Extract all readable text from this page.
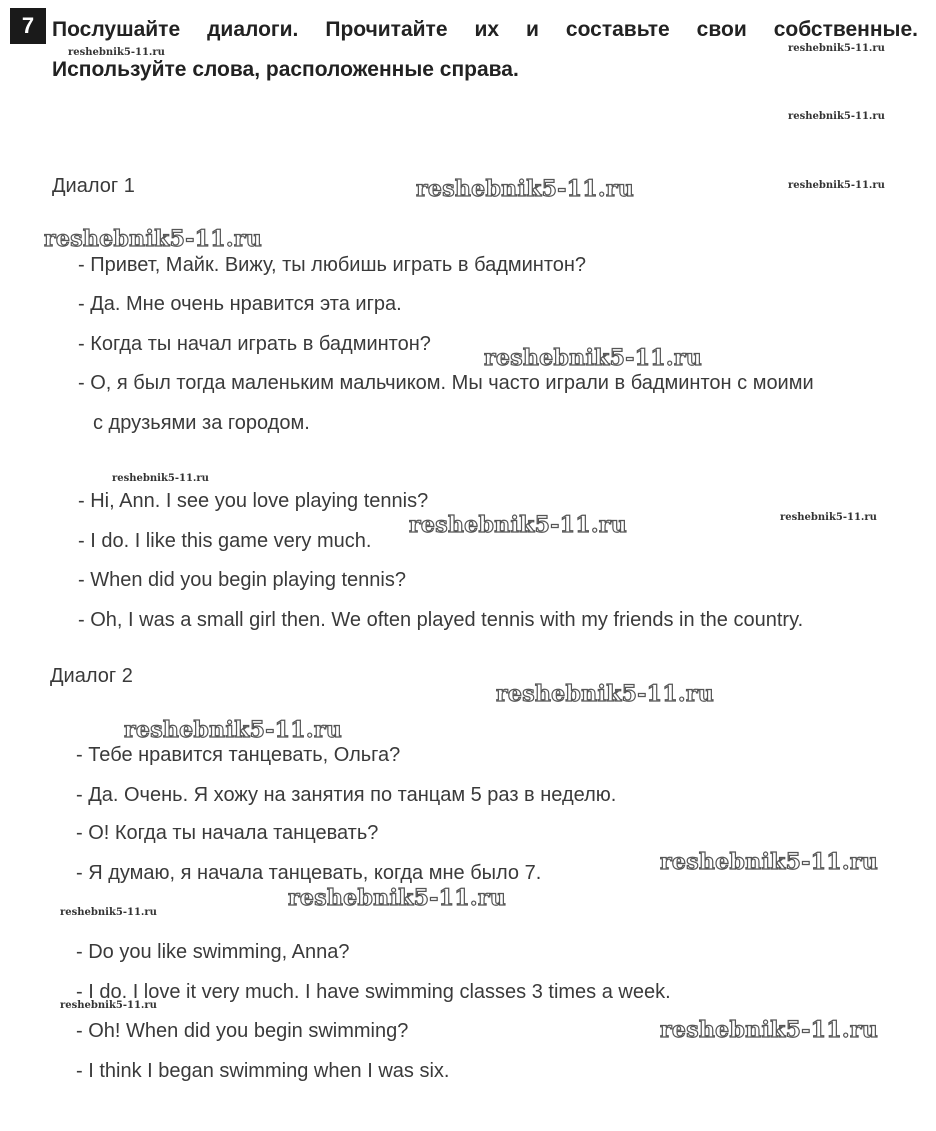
7 Послушайте диалоги. Прочитайте их и составьте свои собственные.
Используйте слова, расположенные справа.
Диалог 1
- Привет, Майк. Вижу, ты любишь играть в бадминтон?
- Да. Мне очень нравится эта игра.
- Когда ты начал играть в бадминтон?
- О, я был тогда маленьким мальчиком. Мы часто играли в бадминтон с моими
с друзьями за городом.
- Hi, Ann. I see you love playing tennis?
- I do. I like this game very much.
- When did you begin playing tennis?
- Oh, I was a small girl then. We often played tennis with my friends in the country.
Диалог 2
- Тебе нравится танцевать, Ольга?
- Да. Очень. Я хожу на занятия по танцам 5 раз в неделю.
- О! Когда ты начала танцевать?
- Я думаю, я начала танцевать, когда мне было 7.
- Do you like swimming, Anna?
- I do. I love it very much. I have swimming classes 3 times a week.
- Oh! When did you begin swimming?
- I think I began swimming when I was six.
reshebnik5-11.ru	reshebnik5-11.ru
reshebnik5-11.ru
reshebnik5-11.ru
reshebnik5-11.ru
reshebnik5-11.ru
reshebnik5-11.ru
reshebnik5-11.ru
reshebnik5-11.ru	reshebnik5-11.ru
reshebnik5-11.ru
reshebnik5-11.ru
reshebnik5-11.ru
reshebnik5-11.ru
reshebnik5-11.ru
reshebnik5-11.ru
reshebnik5-11.ru
